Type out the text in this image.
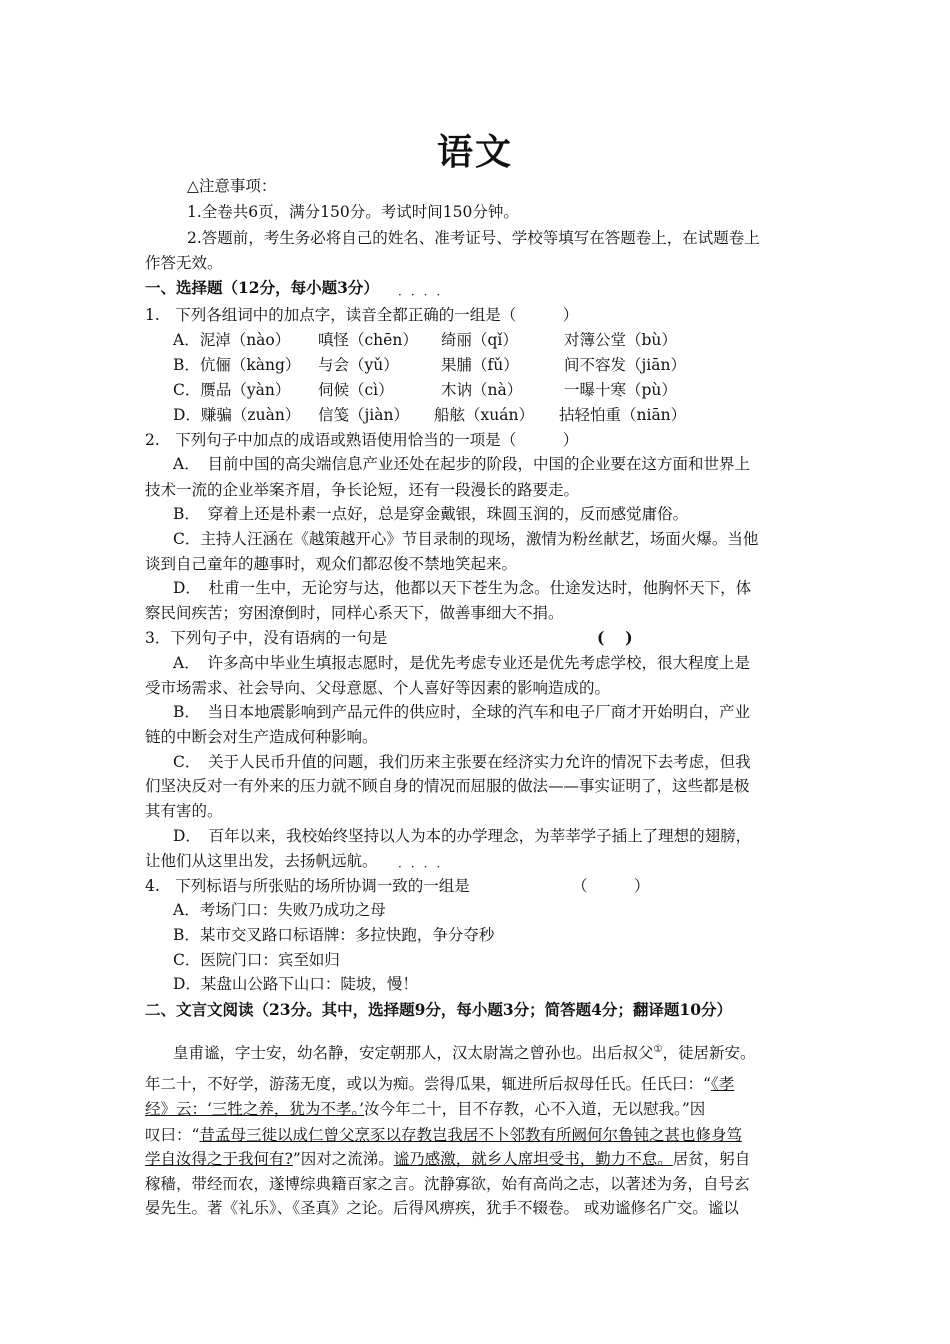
语文
△注意事项：
1.全卷共6页，满分150分。考试时间150分钟。
2.答题前，考生务必将自己的姓名、准考证号、学校等填写在答题卷上，在试题卷上
作答无效。
一、选择题（12分，每小题3分）	····
1.　下列各组词中的加点字，读音全都正确的一组是（　　　）
A．泥淖（nào） 嗔怪（chēn） 绮丽（qǐ）	对簿公堂（bù）
B．伉俪（kàng） 与会（yǔ）	果脯（fǔ）	间不容发（jiān）
C．赝品（yàn） 伺候（cì）	木讷（nà）	一曝十寒（pù）
D．赚骗（zuàn） 信笺（jiàn） 船舷（xuán） 拈轻怕重（niān）
2.　下列句子中加点的成语或熟语使用恰当的一项是（　　　）
A．　目前中国的高尖端信息产业还处在起步的阶段，中国的企业要在这方面和世界上
技术一流的企业举案齐眉，争长论短，还有一段漫长的路要走。
B．　穿着上还是朴素一点好，总是穿金戴银，珠圆玉润的，反而感觉庸俗。
C．主持人汪涵在《越策越开心》节目录制的现场，激情为粉丝献艺，场面火爆。当他
谈到自己童年的趣事时，观众们都忍俊不禁地笑起来。
D．　杜甫一生中，无论穷与达，他都以天下苍生为念。仕途发达时，他胸怀天下，体
察民间疾苦；穷困潦倒时，同样心系天下，做善事细大不捐。
3．下列句子中，没有语病的一句是	(　 )
A．　许多高中毕业生填报志愿时，是优先考虑专业还是优先考虑学校，很大程度上是
受市场需求、社会导向、父母意愿、个人喜好等因素的影响造成的。
B．　当日本地震影响到产品元件的供应时，全球的汽车和电子厂商才开始明白，产业
链的中断会对生产造成何种影响。
C．　关于人民币升值的问题，我们历来主张要在经济实力允许的情况下去考虑，但我
们坚决反对一有外来的压力就不顾自身的情况而屈服的做法——事实证明了，这些都是极
其有害的。
D．　百年以来，我校始终坚持以人为本的办学理念，为莘莘学子插上了理想的翅膀，
让他们从这里出发，去扬帆远航。	····
4.　下列标语与所张贴的场所协调一致的一组是	（　　　）
A．考场门口：失败乃成功之母
B．某市交叉路口标语牌：多拉快跑，争分夺秒
C．医院门口：宾至如归
D．某盘山公路下山口：陡坡，慢！
二、文言文阅读（23分。其中，选择题9分，每小题3分；简答题4分；翻译题10分）
皇甫谧，字士安，幼名静，安定朝那人，汉太尉嵩之曾孙也。出后叔父①，徒居新安。
年二十，不好学，游荡无度，或以为痴。尝得瓜果，辄进所后叔母任氏。任氏曰：“《孝
经》云：‘三牲之养，犹为不孝。’汝今年二十，目不存教，心不入道，无以慰我。”因
叹曰：“昔孟母三徙以成仁曾父烹豕以存教岂我居不卜邻教有所阙何尔鲁钝之甚也修身笃
学自汝得之于我何有?”因对之流涕。谧乃感激，就乡人席坦受书，勤力不怠。居贫，躬自
稼穑，带经而农，遂博综典籍百家之言。沈静寡欲，始有高尚之志，以著述为务，自号玄
晏先生。著《礼乐》、《圣真》之论。后得风痹疾，犹手不辍卷。 或劝谧修名广交。谧以
